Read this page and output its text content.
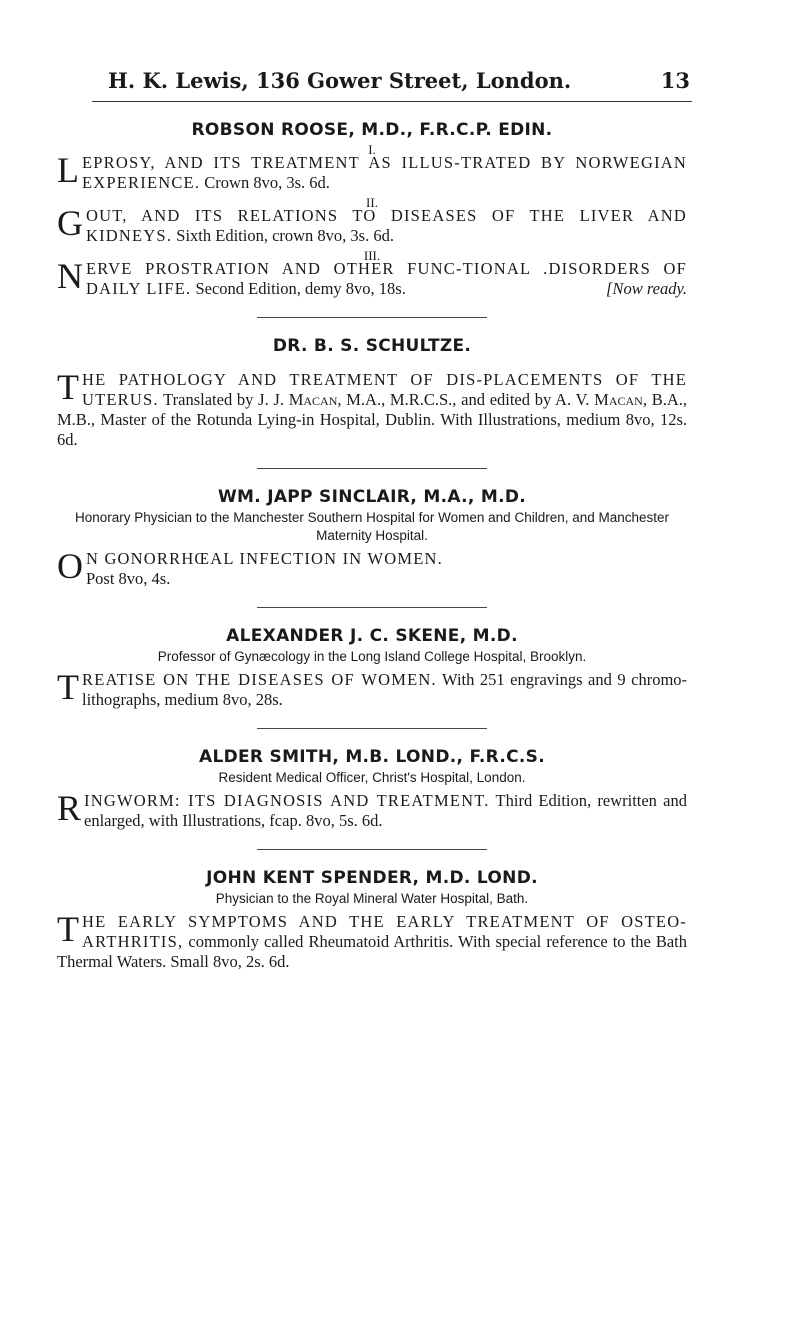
H. K. Lewis, 136 Gower Street, London.	13

ROBSON ROOSE, M.D., F.R.C.P. EDIN.

I.

LEPROSY, AND ITS TREATMENT AS ILLUS-TRATED BY NORWEGIAN EXPERIENCE. Crown 8vo, 3s. 6d.

II.

GOUT, AND ITS RELATIONS TO DISEASES OF THE LIVER AND KIDNEYS. Sixth Edition, crown 8vo, 3s. 6d.

III.

NERVE PROSTRATION AND OTHER FUNC-TIONAL .DISORDERS OF DAILY LIFE. Second Edition, demy 8vo, 18s.	[Now ready.

DR. B. S. SCHULTZE.

THE PATHOLOGY AND TREATMENT OF DIS-PLACEMENTS OF THE UTERUS. Translated by J. J. Macan, M.A., M.R.C.S., and edited by A. V. Macan, B.A., M.B., Master of the Rotunda Lying-in Hospital, Dublin. With Illustrations, medium 8vo, 12s. 6d.

WM. JAPP SINCLAIR, M.A., M.D.

Honorary Physician to the Manchester Southern Hospital for Women and Children, and Manchester Maternity Hospital.

O N GONORRHŒAL INFECTION IN WOMEN.
Post 8vo, 4s.

ALEXANDER J. C. SKENE, M.D.

Professor of Gynæcology in the Long Island College Hospital, Brooklyn.

TREATISE ON THE DISEASES OF WOMEN. With 251 engravings and 9 chromo-lithographs, medium 8vo, 28s.

ALDER SMITH, M.B. LOND., F.R.C.S.

Resident Medical Officer, Christ's Hospital, London.

RINGWORM: ITS DIAGNOSIS AND TREATMENT. Third Edition, rewritten and enlarged, with Illustrations, fcap. 8vo, 5s. 6d.

JOHN KENT SPENDER, M.D. LOND.

Physician to the Royal Mineral Water Hospital, Bath.

THE EARLY SYMPTOMS AND THE EARLY TREATMENT OF OSTEO-ARTHRITIS, commonly called Rheumatoid Arthritis. With special reference to the Bath Thermal Waters. Small 8vo, 2s. 6d.
